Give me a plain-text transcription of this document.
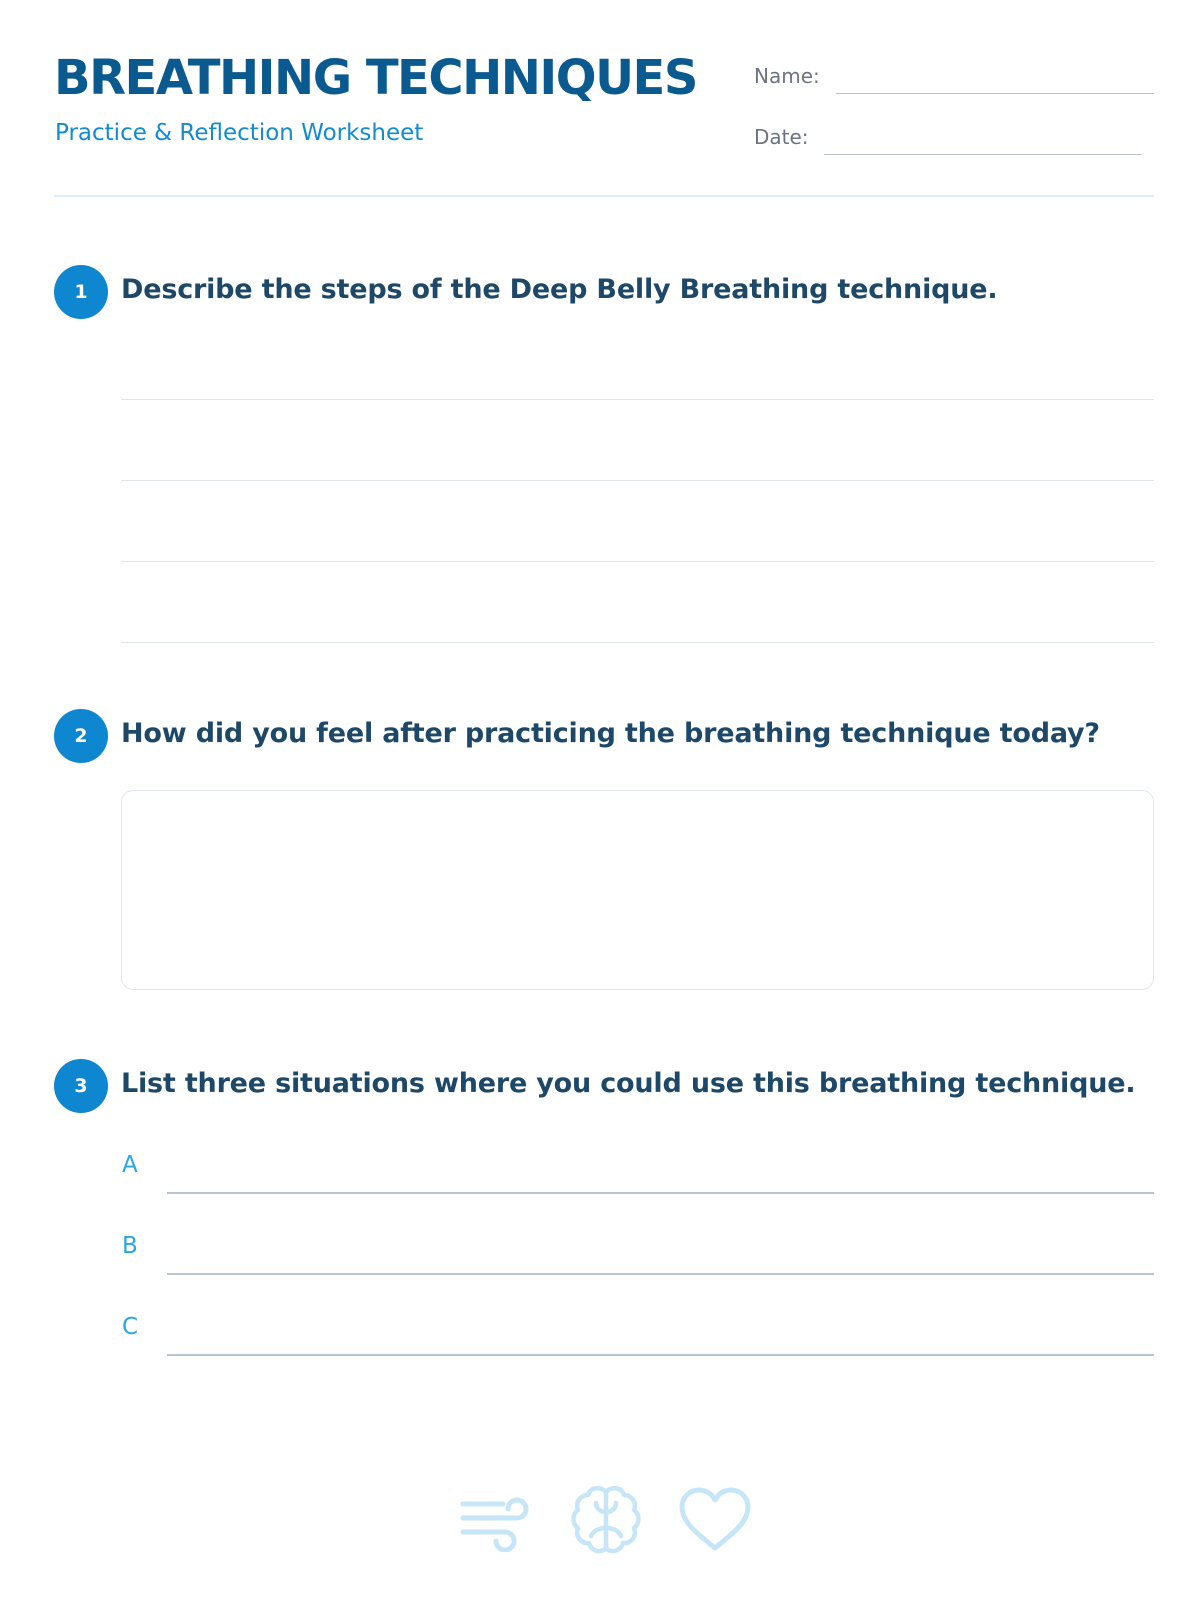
BREATHING TECHNIQUES
Practice & Reflection Worksheet
Name:
Date:
1	Describe the steps of the Deep Belly Breathing technique.
2	How did you feel after practicing the breathing technique today?
3	List three situations where you could use this breathing technique.
A
B
C
